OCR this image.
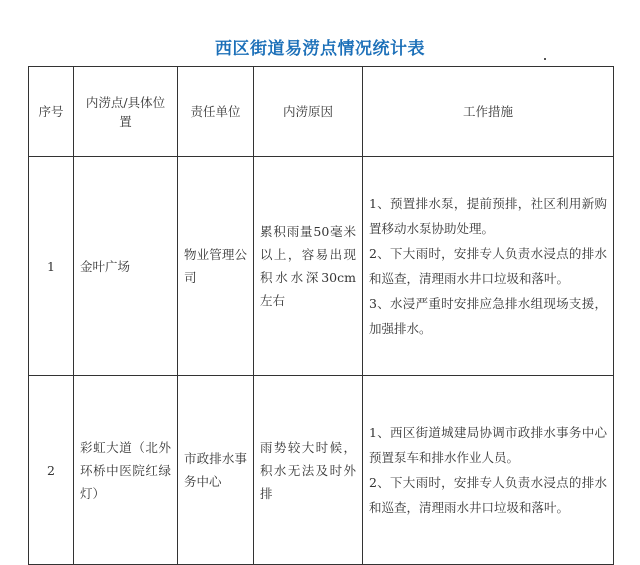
西区街道易涝点情况统计表
序号	内涝点/具体位置	责任单位	内涝原因	工作措施
1	金叶广场	物业管理公司	累积雨量50毫米以上，容易出现积水水深30cm左右	1、预置排水泵，提前预排，社区利用新购置移动水泵协助处理。
2、下大雨时，安排专人负责水浸点的排水和巡查，清理雨水井口垃圾和落叶。
3、水浸严重时安排应急排水组现场支援，加强排水。

2	彩虹大道（北外环桥中医院红绿灯）	市政排水事务中心	雨势较大时候，积水无法及时外排	1、西区街道城建局协调市政排水事务中心预置泵车和排水作业人员。
2、下大雨时，安排专人负责水浸点的排水和巡查，清理雨水井口垃圾和落叶。
